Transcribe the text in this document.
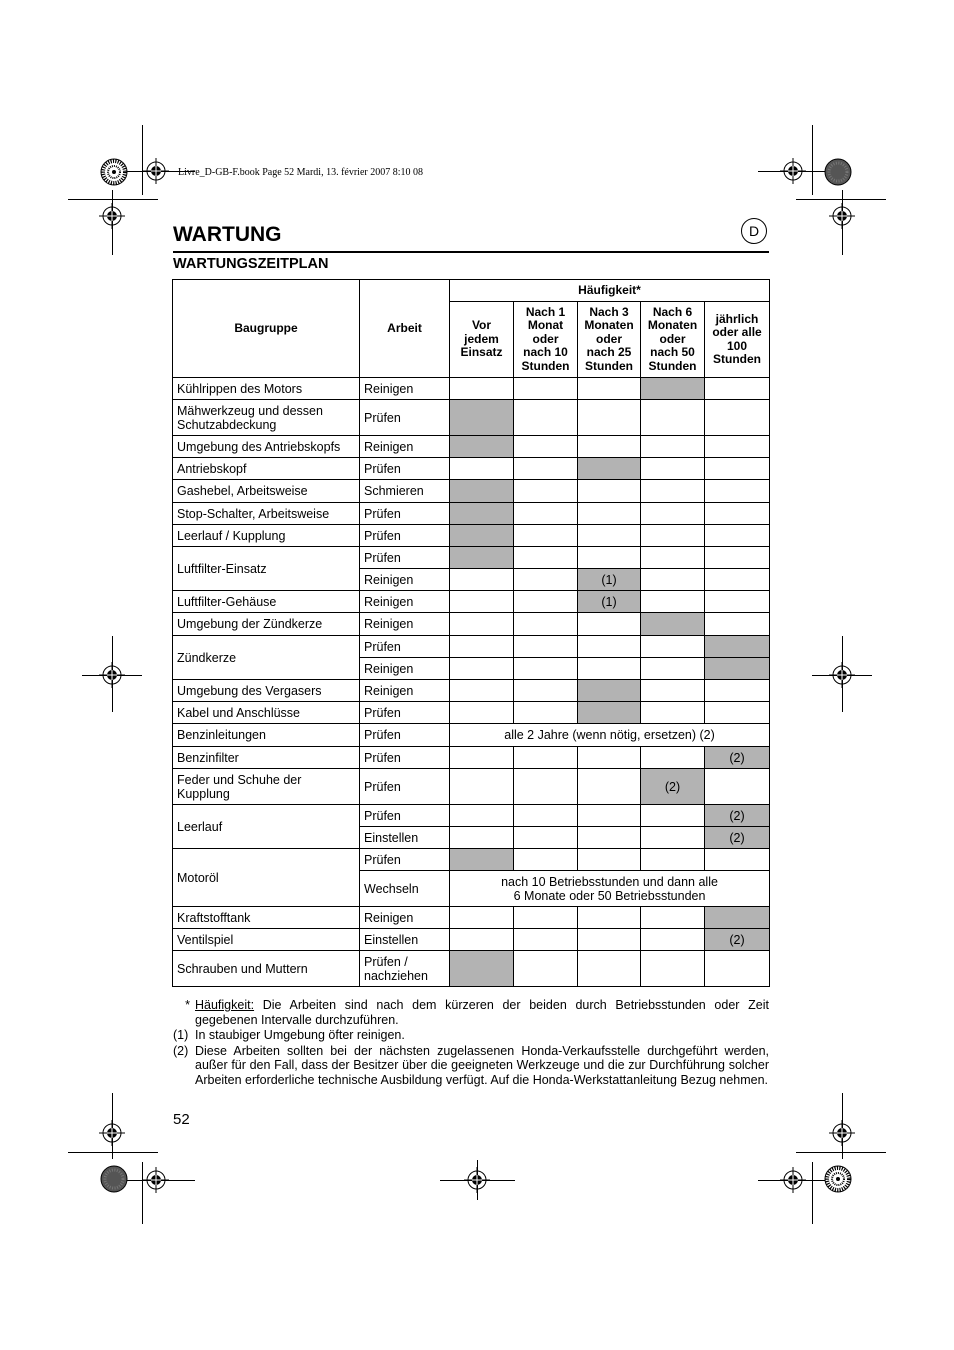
Livre_D-GB-F.book Page 52 Mardi, 13. février 2007 8:10 08
D
WARTUNG
WARTUNGSZEITPLAN
Baugruppe	Arbeit	Häufigkeit*				
		Vor jedem Einsatz	Nach 1 Monat oder nach 10 Stunden	Nach 3 Monaten oder nach 25 Stunden	Nach 6 Monaten oder nach 50 Stunden	jährlich oder alle 100 Stunden
Kühlrippen des Motors	Reinigen					
Mähwerkzeug und dessen Schutzabdeckung	Prüfen					
Umgebung des Antriebskopfs	Reinigen					
Antriebskopf	Prüfen					
Gashebel, Arbeitsweise	Schmieren					
Stop-Schalter, Arbeitsweise	Prüfen					
Leerlauf / Kupplung	Prüfen					
Luftfilter-Einsatz	Prüfen					
	Reinigen			(1)		
Luftfilter-Gehäuse	Reinigen			(1)		
Umgebung der Zündkerze	Reinigen					
Zündkerze	Prüfen					
	Reinigen					
Umgebung des Vergasers	Reinigen					
Kabel und Anschlüsse	Prüfen					
Benzinleitungen	Prüfen	alle 2 Jahre (wenn nötig, ersetzen) (2)				
Benzinfilter	Prüfen					(2)
Feder und Schuhe der Kupplung	Prüfen				(2)	
Leerlauf	Prüfen					(2)
	Einstellen					(2)
Motoröl	Prüfen					
	Wechseln	nach 10 Betriebsstunden und dann alle
6 Monate oder 50 Betriebsstunden				
Kraftstofftank	Reinigen					
Ventilspiel	Einstellen					(2)
Schrauben und Muttern	Prüfen / nachziehen					
* Häufigkeit: Die Arbeiten sind nach dem kürzeren der beiden durch Betriebsstunden oder Zeit gegebenen Intervalle durchzuführen.
(1) In staubiger Umgebung öfter reinigen.
(2) Diese Arbeiten sollten bei der nächsten zugelassenen Honda-Verkaufsstelle durchgeführt werden, außer für den Fall, dass der Besitzer über die geeigneten Werkzeuge und die zur Durchführung solcher Arbeiten erforderliche technische Ausbildung verfügt. Auf die Honda-Werkstattanleitung Bezug nehmen.
52
